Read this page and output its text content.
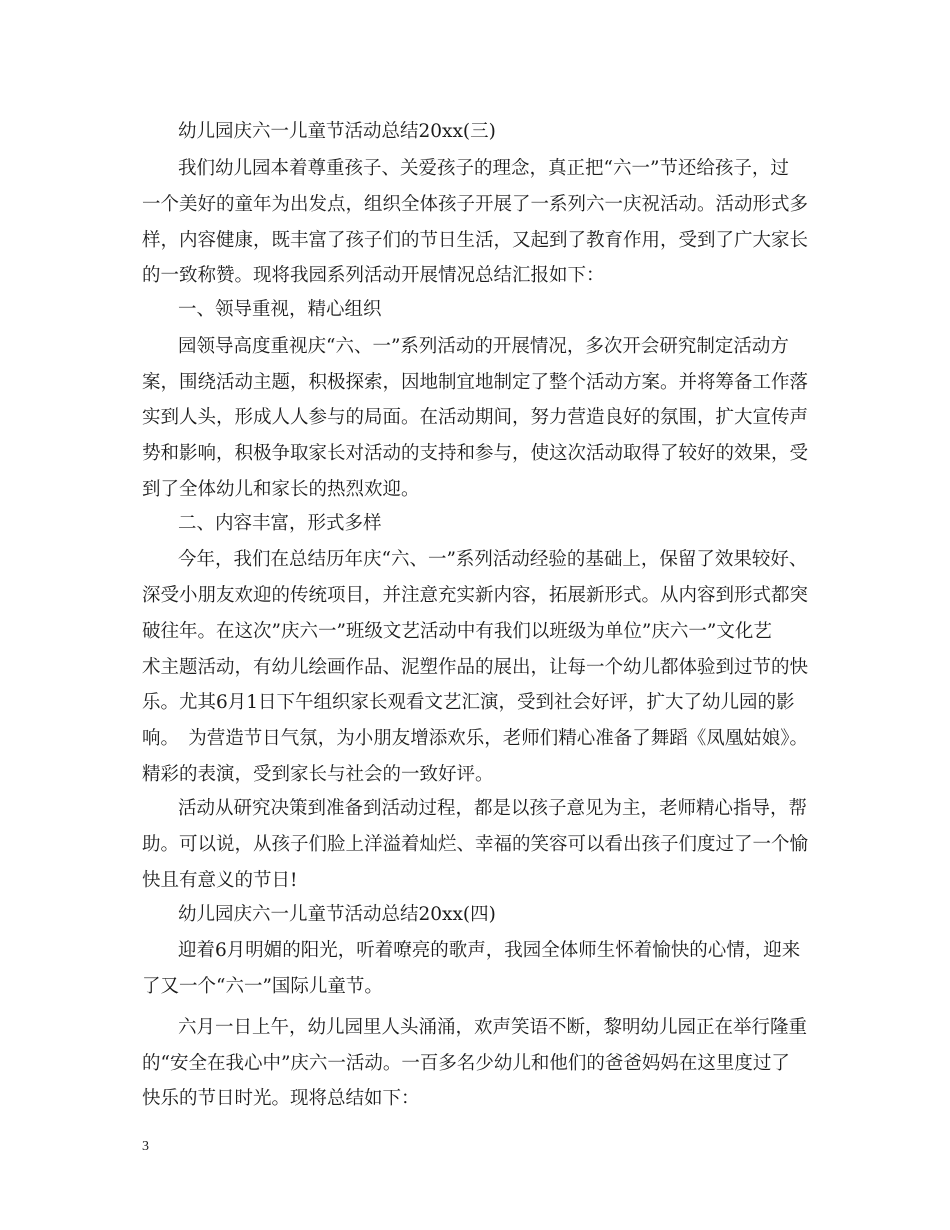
幼儿园庆六一儿童节活动总结20xx(三)
我们幼儿园本着尊重孩子、关爱孩子的理念，真正把“六一”节还给孩子，过
一个美好的童年为出发点，组织全体孩子开展了一系列六一庆祝活动。活动形式多
样，内容健康，既丰富了孩子们的节日生活，又起到了教育作用，受到了广大家长
的一致称赞。现将我园系列活动开展情况总结汇报如下：
一、领导重视，精心组织
园领导高度重视庆“六、一”系列活动的开展情况，多次开会研究制定活动方
案，围绕活动主题，积极探索，因地制宜地制定了整个活动方案。并将筹备工作落
实到人头，形成人人参与的局面。在活动期间，努力营造良好的氛围，扩大宣传声
势和影响，积极争取家长对活动的支持和参与，使这次活动取得了较好的效果，受
到了全体幼儿和家长的热烈欢迎。
二、内容丰富，形式多样
今年，我们在总结历年庆“六、一”系列活动经验的基础上，保留了效果较好、
深受小朋友欢迎的传统项目，并注意充实新内容，拓展新形式。从内容到形式都突
破往年。在这次”庆六一”班级文艺活动中有我们以班级为单位”庆六一”文化艺
术主题活动，有幼儿绘画作品、泥塑作品的展出，让每一个幼儿都体验到过节的快
乐。尤其6月1日下午组织家长观看文艺汇演，受到社会好评，扩大了幼儿园的影
响。　为营造节日气氛，为小朋友增添欢乐，老师们精心准备了舞蹈《凤凰姑娘》。
精彩的表演，受到家长与社会的一致好评。
活动从研究决策到准备到活动过程，都是以孩子意见为主，老师精心指导，帮
助。可以说，从孩子们脸上洋溢着灿烂、幸福的笑容可以看出孩子们度过了一个愉
快且有意义的节日!
幼儿园庆六一儿童节活动总结20xx(四)
迎着6月明媚的阳光，听着嘹亮的歌声，我园全体师生怀着愉快的心情，迎来
了又一个“六一”国际儿童节。
六月一日上午，幼儿园里人头涌涌，欢声笑语不断，黎明幼儿园正在举行隆重
的“安全在我心中”庆六一活动。一百多名少幼儿和他们的爸爸妈妈在这里度过了
快乐的节日时光。现将总结如下：
3
